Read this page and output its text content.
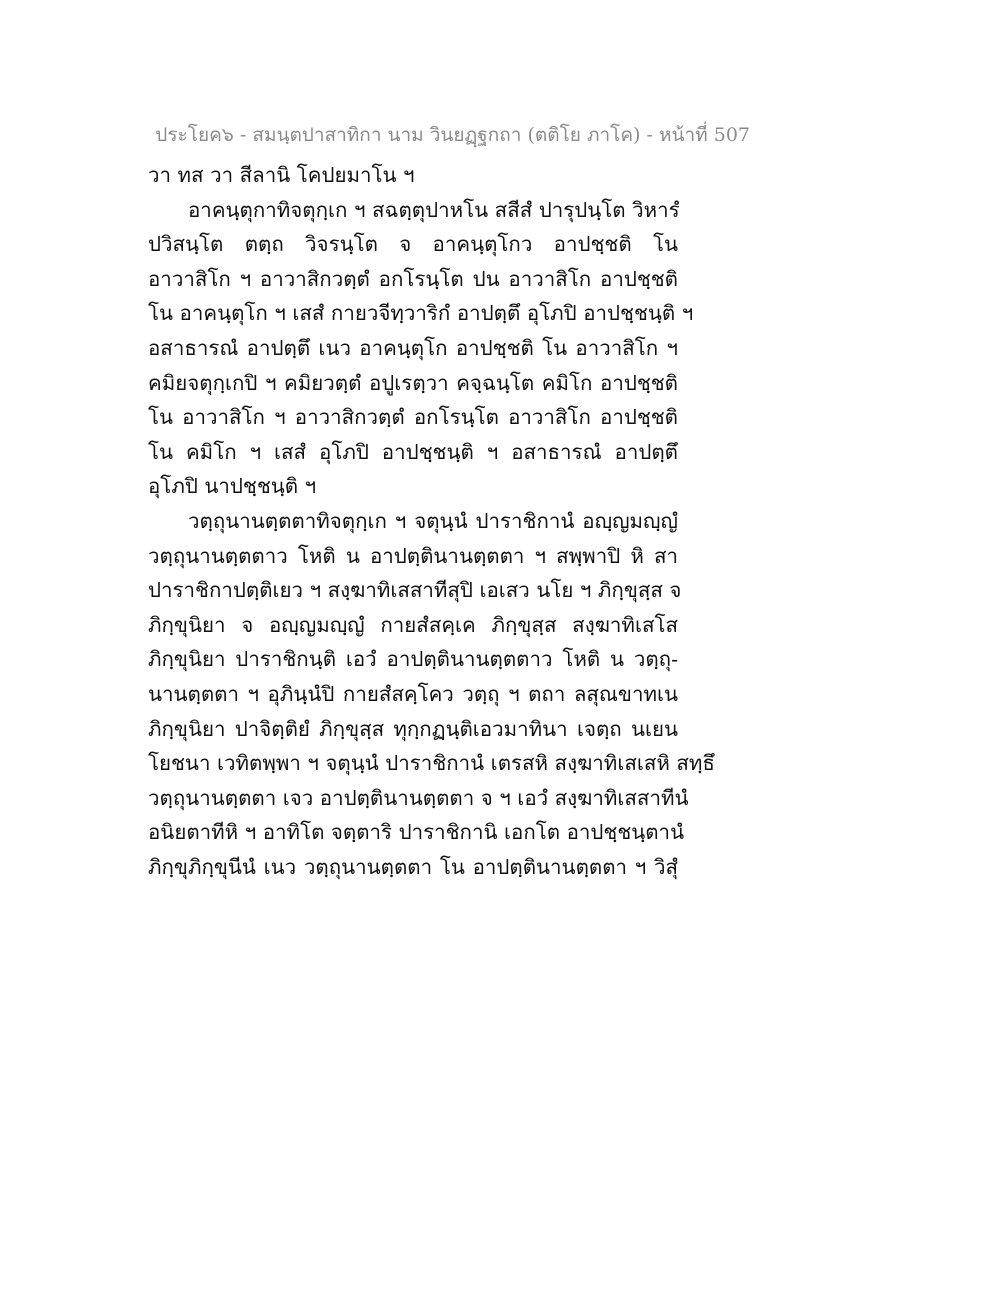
ประโยค๖ - สมนฺตปาสาทิกา นาม วินยฏฺฐกถา (ตติโย ภาโค) - หน้าที่ 507
วา ทส วา สีลานิ โคปยมาโน ฯ
อาคนฺตุกาทิจตุกฺเก ฯ สฉตฺตุปาหโน สสีสํ ปารุปนฺโต วิหารํ
ปวิสนฺโต ตตฺถ วิจรนฺโต จ อาคนฺตุโกว อาปชฺชติ โน
อาวาสิโก ฯ อาวาสิกวตฺตํ อกโรนฺโต ปน อาวาสิโก อาปชฺชติ
โน อาคนฺตุโก ฯ เสสํ กายวจีทฺวาริกํ อาปตฺตึ อุโภปิ อาปชฺชนฺติ ฯ
อสาธารณํ อาปตฺตึ เนว อาคนฺตุโก อาปชฺชติ โน อาวาสิโก ฯ
คมิยจตุกฺเกปิ ฯ คมิยวตฺตํ อปูเรตฺวา คจฺฉนฺโต คมิโก อาปชฺชติ
โน อาวาสิโก ฯ อาวาสิกวตฺตํ อกโรนฺโต อาวาสิโก อาปชฺชติ
โน คมิโก ฯ เสสํ อุโภปิ อาปชฺชนฺติ ฯ อสาธารณํ อาปตฺตึ
อุโภปิ นาปชฺชนฺติ ฯ
วตฺถุนานตฺตตาทิจตุกฺเก ฯ จตุนฺนํ ปาราชิกานํ อญฺญมญฺญํ
วตฺถุนานตฺตตาว โหติ น อาปตฺตินานตฺตตา ฯ สพฺพาปิ หิ สา
ปาราชิกาปตฺติเยว ฯ สงฺฆาทิเสสาทีสุปิ เอเสว นโย ฯ ภิกฺขุสฺส จ
ภิกฺขุนิยา จ อญฺญมญฺญํ กายสํสคฺเค ภิกฺขุสฺส สงฺฆาทิเสโส
ภิกฺขุนิยา ปาราชิกนฺติ เอวํ อาปตฺตินานตฺตตาว โหติ น วตฺถุ-
นานตฺตตา ฯ อุภินฺนํปิ กายสํสคฺโคว วตฺถุ ฯ ตถา ลสุณขาทเน
ภิกฺขุนิยา ปาจิตฺติยํ ภิกฺขุสฺส ทุกฺกฏนฺติเอวมาทินา เจตฺถ นเยน
โยชนา เวทิตพฺพา ฯ จตุนฺนํ ปาราชิกานํ เตรสหิ สงฺฆาทิเสเสหิ สทฺธึ
วตฺถุนานตฺตตา เจว อาปตฺตินานตฺตตา จ ฯ เอวํ สงฺฆาทิเสสาทีนํ
อนิยตาทีหิ ฯ อาทิโต จตฺตาริ ปาราชิกานิ เอกโต อาปชฺชนฺตานํ
ภิกฺขุภิกฺขุนีนํ เนว วตฺถุนานตฺตตา โน อาปตฺตินานตฺตตา ฯ วิสุํ
